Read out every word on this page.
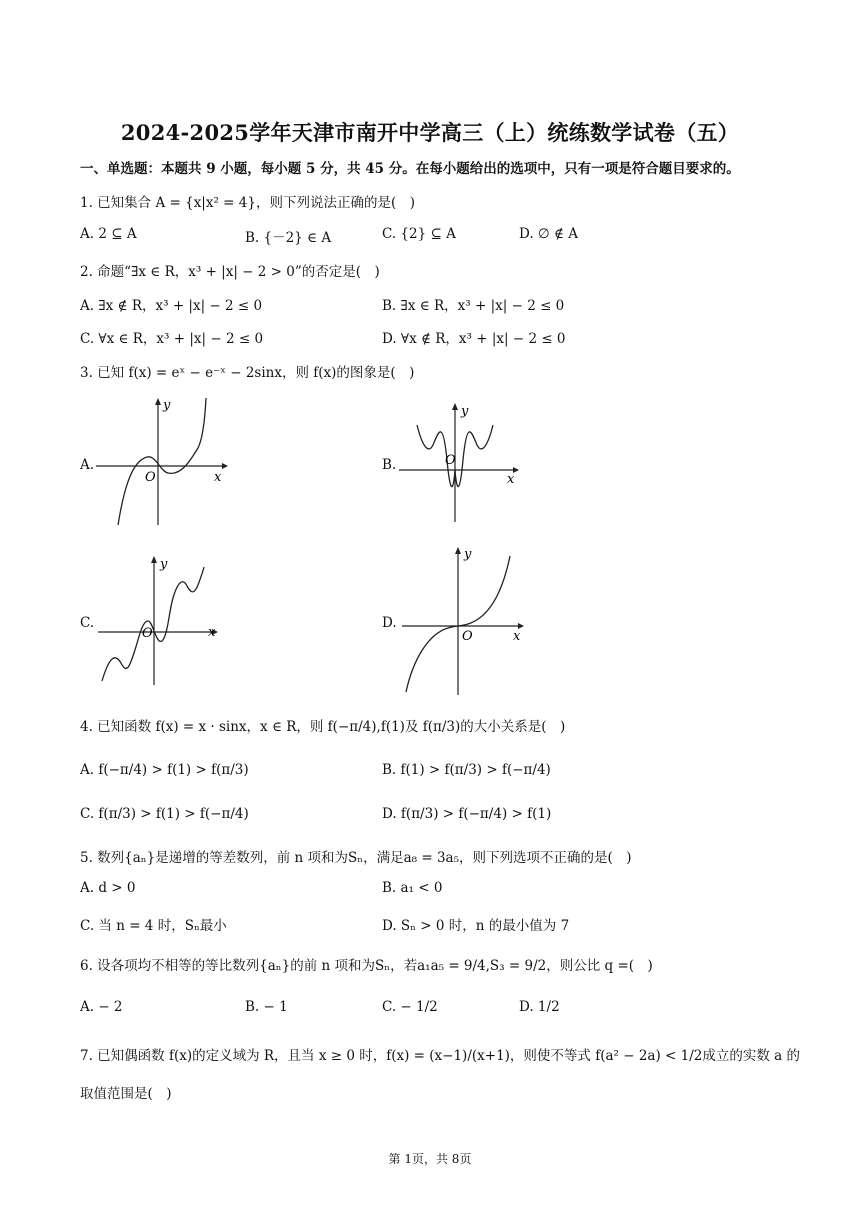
2024-2025学年天津市南开中学高三（上）统练数学试卷（五）
一、单选题：本题共 9 小题，每小题 5 分，共 45 分。在每小题给出的选项中，只有一项是符合题目要求的。
1. 已知集合 A = {x|x² = 4}，则下列说法正确的是(　)
A. 2 ⊆ A	B. {－2} ∈ A	C. {2} ⊆ A	D. ∅ ∉ A
2. 命题“∃x ∈ R，x³ + |x| − 2 > 0”的否定是(　)
A. ∃x ∉ R，x³ + |x| − 2 ≤ 0	B. ∃x ∈ R，x³ + |x| − 2 ≤ 0
C. ∀x ∈ R，x³ + |x| − 2 ≤ 0	D. ∀x ∉ R，x³ + |x| − 2 ≤ 0
3. 已知 f(x) = eˣ − e⁻ˣ − 2sinx，则 f(x)的图象是(　)
A.
y
x
O
B.
y
x
O
C.
y
x
O
D.
y
x
O
4. 已知函数 f(x) = x · sinx，x ∈ R，则 f(−π/4),f(1)及 f(π/3)的大小关系是(　)
A. f(−π/4) > f(1) > f(π/3)	B. f(1) > f(π/3) > f(−π/4)
C. f(π/3) > f(1) > f(−π/4)	D. f(π/3) > f(−π/4) > f(1)
5. 数列{aₙ}是递增的等差数列，前 n 项和为Sₙ，满足a₈ = 3a₅，则下列选项不正确的是(　)
A. d > 0	B. a₁ < 0
C. 当 n = 4 时，Sₙ最小	D. Sₙ > 0 时，n 的最小值为 7
6. 设各项均不相等的等比数列{aₙ}的前 n 项和为Sₙ，若a₁a₅ = 9/4,S₃ = 9/2，则公比 q =(　)
A. − 2	B. − 1	C. − 1/2	D. 1/2
7. 已知偶函数 f(x)的定义域为 R，且当 x ≥ 0 时，f(x) = (x−1)/(x+1)，则使不等式 f(a² − 2a) < 1/2成立的实数 a 的
取值范围是(　)
第 1页，共 8页
